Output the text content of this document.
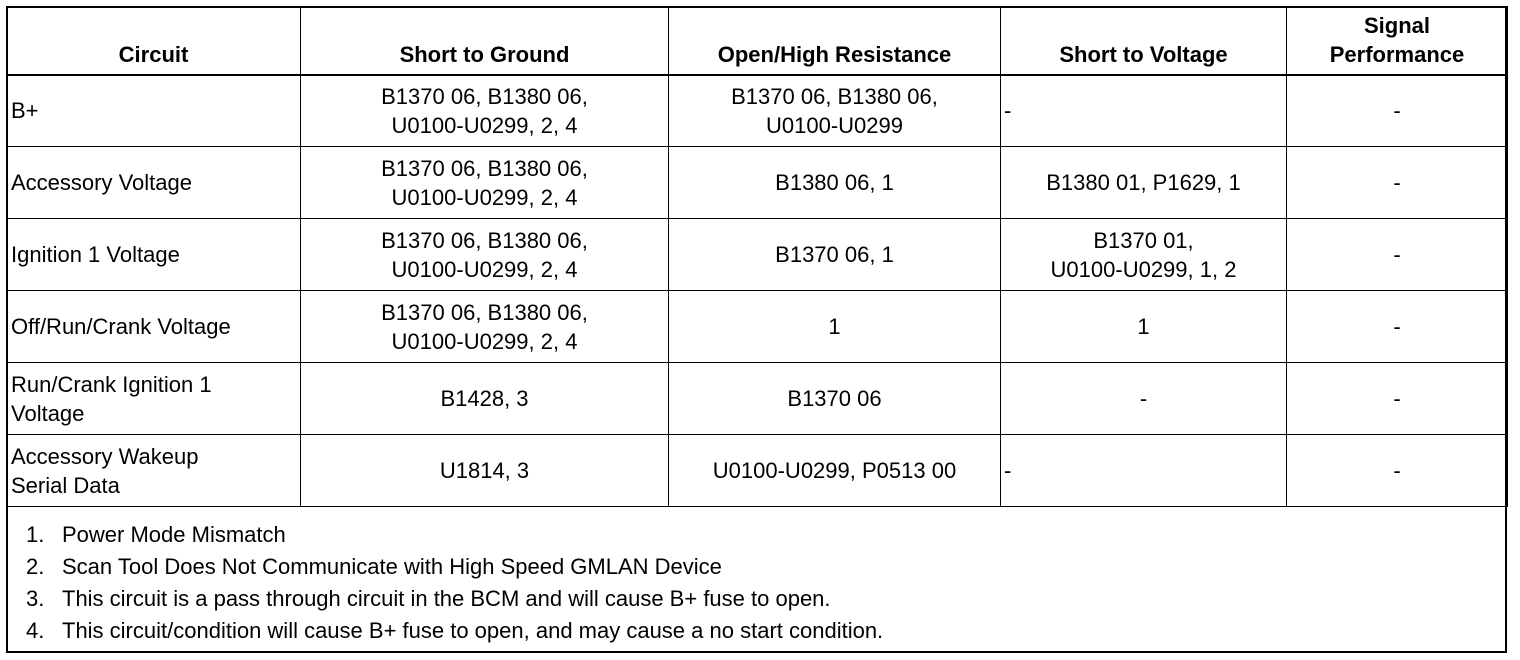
Circuit	Short to Ground	Open/High Resistance	Short to Voltage	Signal
Performance

B+	B1370 06, B1380 06,
U0100-U0299, 2, 4	B1370 06, B1380 06,
U0100-U0299	-	-

Accessory Voltage	B1370 06, B1380 06,
U0100-U0299, 2, 4	B1380 06, 1	B1380 01, P1629, 1	-

Ignition 1 Voltage	B1370 06, B1380 06,
U0100-U0299, 2, 4	B1370 06, 1	B1370 01,
U0100-U0299, 1, 2	-

Off/Run/Crank Voltage	B1370 06, B1380 06,
U0100-U0299, 2, 4	1	1	-

Run/Crank Ignition 1
Voltage	B1428, 3	B1370 06	-	-

Accessory Wakeup
Serial Data	U1814, 3	U0100-U0299, P0513 00	-	-
1. Power Mode Mismatch
2. Scan Tool Does Not Communicate with High Speed GMLAN Device
3. This circuit is a pass through circuit in the BCM and will cause B+ fuse to open.
4. This circuit/condition will cause B+ fuse to open, and may cause a no start condition.
